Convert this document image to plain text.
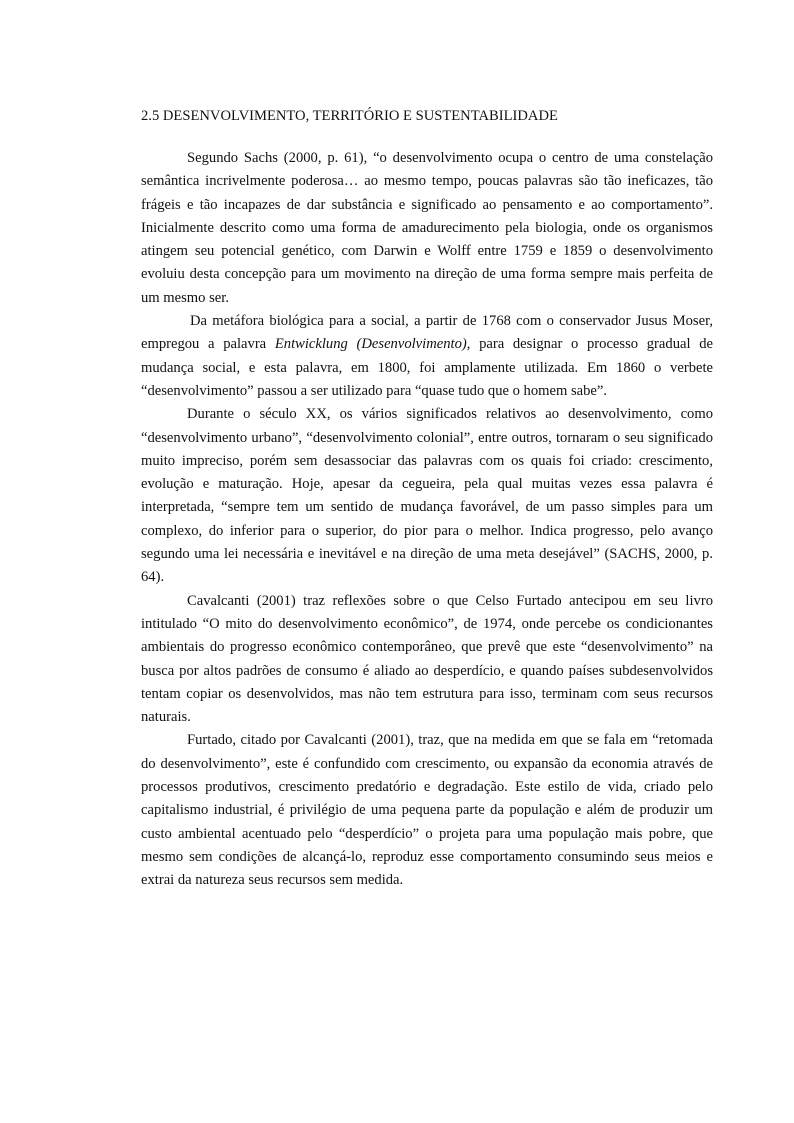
2.5 DESENVOLVIMENTO, TERRITÓRIO E SUSTENTABILIDADE

Segundo Sachs (2000, p. 61), “o desenvolvimento ocupa o centro de uma constelação semântica incrivelmente poderosa… ao mesmo tempo, poucas palavras são tão ineficazes, tão frágeis e tão incapazes de dar substância e significado ao pensamento e ao comportamento”. Inicialmente descrito como uma forma de amadurecimento pela biologia, onde os organismos atingem seu potencial genético, com Darwin e Wolff entre 1759 e 1859 o desenvolvimento evoluiu desta concepção para um movimento na direção de uma forma sempre mais perfeita de um mesmo ser.

Da metáfora biológica para a social, a partir de 1768 com o conservador Jusus Moser, empregou a palavra Entwicklung (Desenvolvimento), para designar o processo gradual de mudança social, e esta palavra, em 1800, foi amplamente utilizada. Em 1860 o verbete “desenvolvimento” passou a ser utilizado para “quase tudo que o homem sabe”.

Durante o século XX, os vários significados relativos ao desenvolvimento, como “desenvolvimento urbano”, “desenvolvimento colonial”, entre outros, tornaram o seu significado muito impreciso, porém sem desassociar das palavras com os quais foi criado: crescimento, evolução e maturação. Hoje, apesar da cegueira, pela qual muitas vezes essa palavra é interpretada, “sempre tem um sentido de mudança favorável, de um passo simples para um complexo, do inferior para o superior, do pior para o melhor. Indica progresso, pelo avanço segundo uma lei necessária e inevitável e na direção de uma meta desejável” (SACHS, 2000, p. 64).

Cavalcanti (2001) traz reflexões sobre o que Celso Furtado antecipou em seu livro intitulado “O mito do desenvolvimento econômico”, de 1974, onde percebe os condicionantes ambientais do progresso econômico contemporâneo, que prevê que este “desenvolvimento” na busca por altos padrões de consumo é aliado ao desperdício, e quando países subdesenvolvidos tentam copiar os desenvolvidos, mas não tem estrutura para isso, terminam com seus recursos naturais.

Furtado, citado por Cavalcanti (2001), traz, que na medida em que se fala em “retomada do desenvolvimento”, este é confundido com crescimento, ou expansão da economia através de processos produtivos, crescimento predatório e degradação. Este estilo de vida, criado pelo capitalismo industrial, é privilégio de uma pequena parte da população e além de produzir um custo ambiental acentuado pelo “desperdício” o projeta para uma população mais pobre, que mesmo sem condições de alcançá-lo, reproduz esse comportamento consumindo seus meios e extrai da natureza seus recursos sem medida.
